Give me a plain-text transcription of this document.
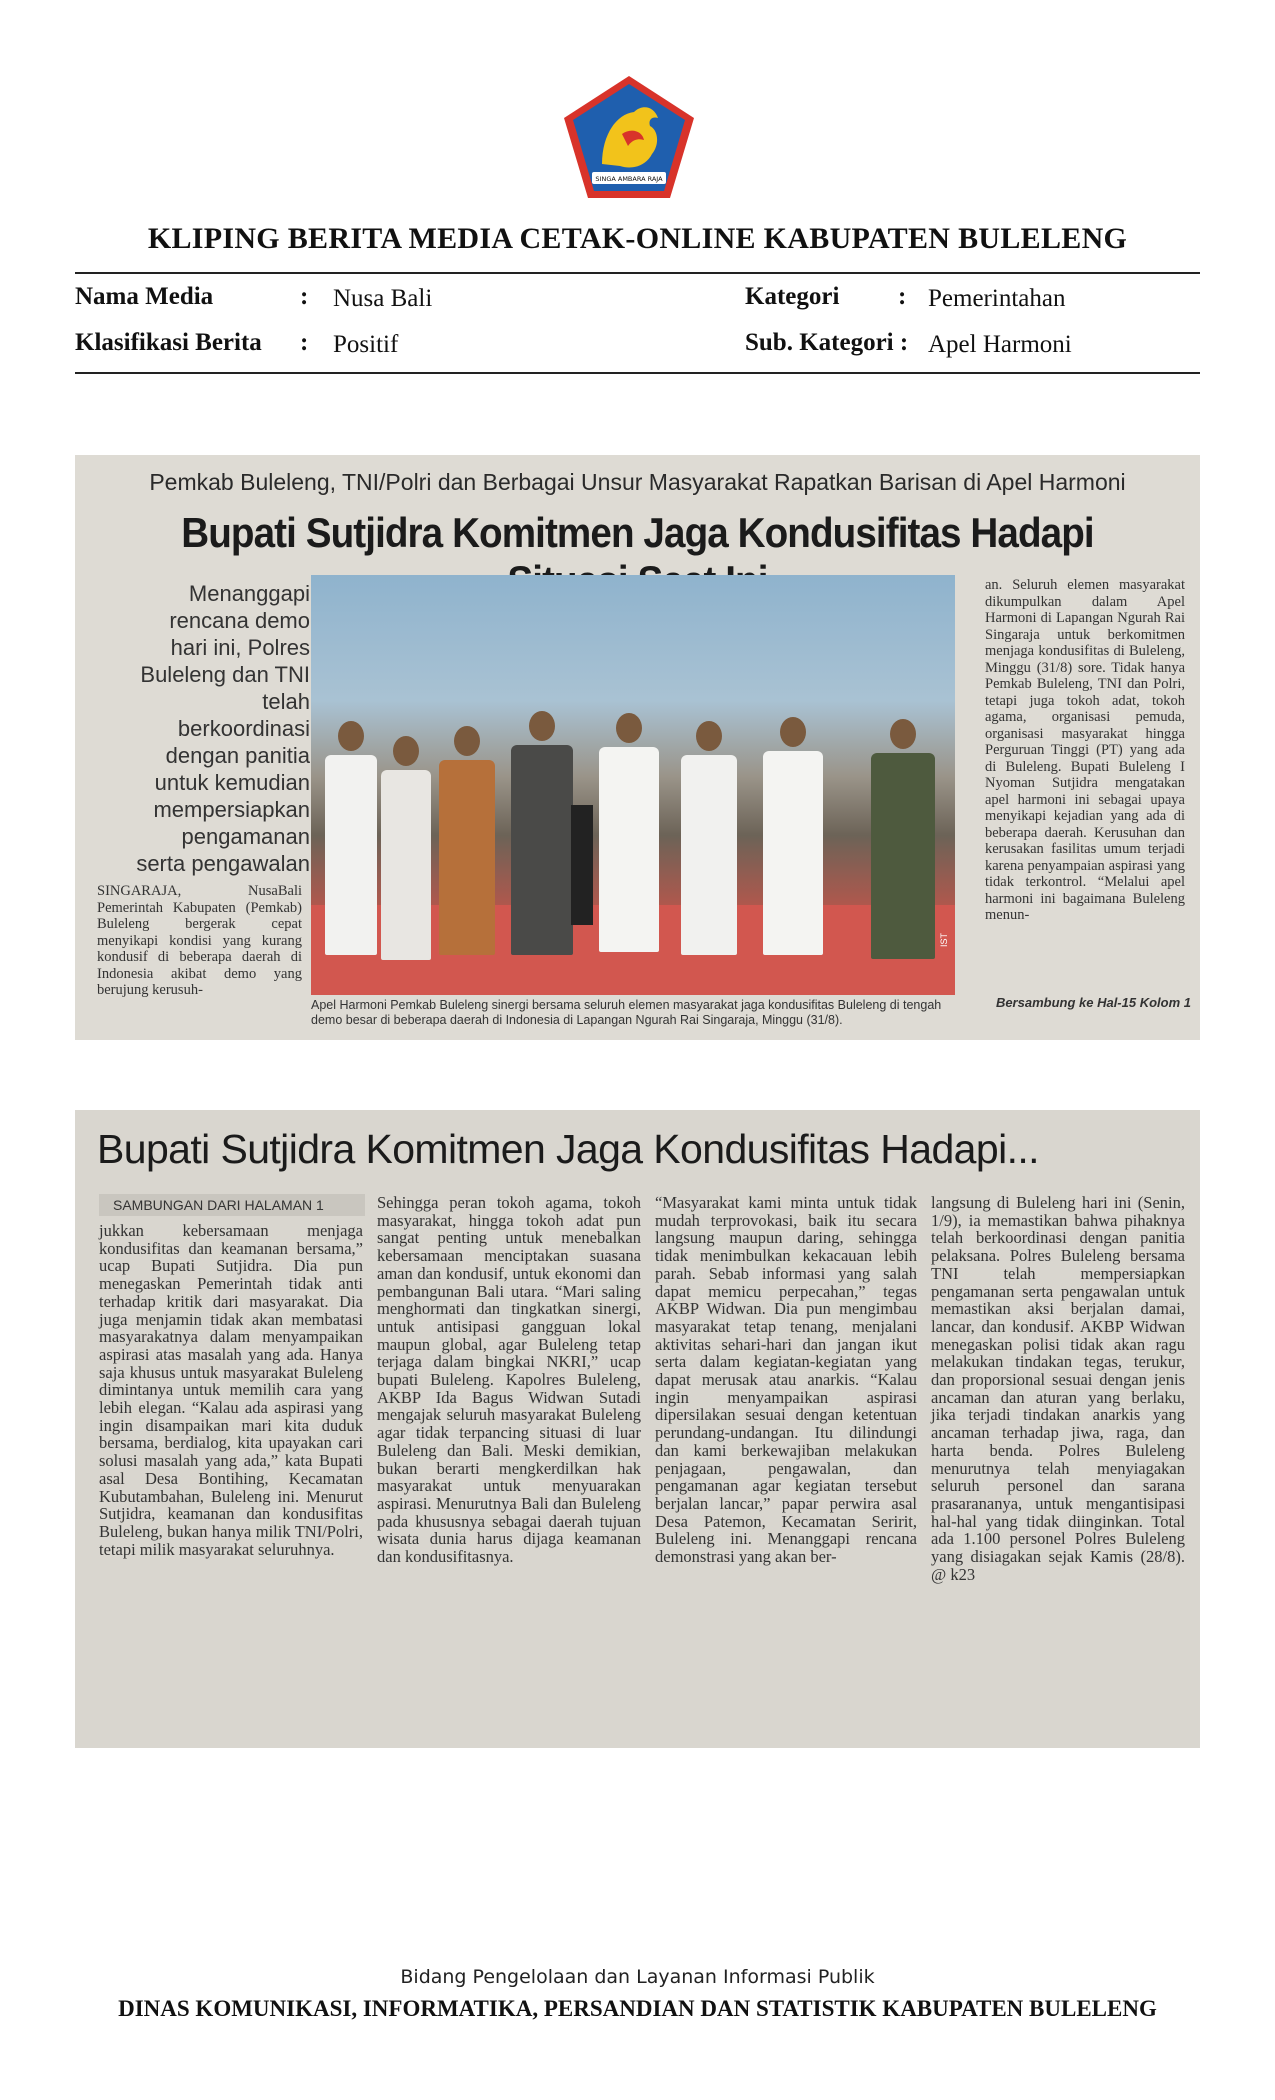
SINGA AMBARA RAJA
KLIPING BERITA MEDIA CETAK-ONLINE KABUPATEN BULELENG
Nama Media	: Nusa Bali	Kategori : Pemerintahan
Klasifikasi Berita : Positif	Sub. Kategori : Apel Harmoni
Pemkab Buleleng, TNI/Polri dan Berbagai Unsur Masyarakat Rapatkan Barisan di Apel Harmoni
Bupati Sutjidra Komitmen Jaga Kondusifitas Hadapi
Menanggapi rencana demo hari ini, Polres Buleleng dan TNI telah berkoordinasi dengan panitia untuk kemudian mempersiapkan pengamanan serta pengawalan
SINGARAJA, NusaBali Pemerintah Kabupaten (Pemkab) Buleleng bergerak cepat menyikapi kondisi yang kurang kondusif di beberapa daerah di Indonesia akibat demo yang berujung kerusuh-
IST
an. Seluruh elemen masyarakat dikumpulkan dalam Apel Harmoni di Lapangan Ngurah Rai Singaraja untuk berkomitmen menjaga kondusifitas di Buleleng, Minggu (31/8) sore. Tidak hanya Pemkab Buleleng, TNI dan Polri, tetapi juga tokoh adat, tokoh agama, organisasi pemuda, organisasi masyarakat hingga Perguruan Tinggi (PT) yang ada di Buleleng. Bupati Buleleng I Nyoman Sutjidra mengatakan apel harmoni ini sebagai upaya menyikapi kejadian yang ada di beberapa daerah. Kerusuhan dan kerusakan fasilitas umum terjadi karena penyampaian aspirasi yang tidak terkontrol. “Melalui apel harmoni ini bagaimana Buleleng menun-
Apel Harmoni Pemkab Buleleng sinergi bersama seluruh elemen masyarakat jaga kondusifitas Buleleng di tengah demo besar di beberapa daerah di Indonesia di Lapangan Ngurah Rai Singaraja, Minggu (31/8).
Bersambung ke Hal-15 Kolom 1
Bupati Sutjidra Komitmen Jaga Kondusifitas Hadapi...
SAMBUNGAN DARI HALAMAN 1
jukkan kebersamaan menjaga kondusifitas dan keamanan bersama,” ucap Bupati Sutjidra. Dia pun menegaskan Pemerintah tidak anti terhadap kritik dari masyarakat. Dia juga menjamin tidak akan membatasi masyarakatnya dalam menyampaikan aspirasi atas masalah yang ada. Hanya saja khusus untuk masyarakat Buleleng dimintanya untuk memilih cara yang lebih elegan. “Kalau ada aspirasi yang ingin disampaikan mari kita duduk bersama, berdialog, kita upayakan cari solusi masalah yang ada,” kata Bupati asal Desa Bontihing, Kecamatan Kubutambahan, Buleleng ini. Menurut Sutjidra, keamanan dan kondusifitas Buleleng, bukan hanya milik TNI/Polri, tetapi milik masyarakat seluruhnya.
Sehingga peran tokoh agama, tokoh masyarakat, hingga tokoh adat pun sangat penting untuk menebalkan kebersamaan menciptakan suasana aman dan kondusif, untuk ekonomi dan pembangunan Bali utara. “Mari saling menghormati dan tingkatkan sinergi, untuk antisipasi gangguan lokal maupun global, agar Buleleng tetap terjaga dalam bingkai NKRI,” ucap bupati Buleleng. Kapolres Buleleng, AKBP Ida Bagus Widwan Sutadi mengajak seluruh masyarakat Buleleng agar tidak terpancing situasi di luar Buleleng dan Bali. Meski demikian, bukan berarti mengkerdilkan hak masyarakat untuk menyuarakan aspirasi. Menurutnya Bali dan Buleleng pada khususnya sebagai daerah tujuan wisata dunia harus dijaga keamanan dan kondusifitasnya.
“Masyarakat kami minta untuk tidak mudah terprovokasi, baik itu secara langsung maupun daring, sehingga tidak menimbulkan kekacauan lebih parah. Sebab informasi yang salah dapat memicu perpecahan,” tegas AKBP Widwan. Dia pun mengimbau masyarakat tetap tenang, menjalani aktivitas sehari-hari dan jangan ikut serta dalam kegiatan-kegiatan yang dapat merusak atau anarkis. “Kalau ingin menyampaikan aspirasi dipersilakan sesuai dengan ketentuan perundang-undangan. Itu dilindungi dan kami berkewajiban melakukan penjagaan, pengawalan, dan pengamanan agar kegiatan tersebut berjalan lancar,” papar perwira asal Desa Patemon, Kecamatan Seririt, Buleleng ini. Menanggapi rencana demonstrasi yang akan ber-
langsung di Buleleng hari ini (Senin, 1/9), ia memastikan bahwa pihaknya telah berkoordinasi dengan panitia pelaksana. Polres Buleleng bersama TNI telah mempersiapkan pengamanan serta pengawalan untuk memastikan aksi berjalan damai, lancar, dan kondusif. AKBP Widwan menegaskan polisi tidak akan ragu melakukan tindakan tegas, terukur, dan proporsional sesuai dengan jenis ancaman dan aturan yang berlaku, jika terjadi tindakan anarkis yang ancaman terhadap jiwa, raga, dan harta benda. Polres Buleleng menurutnya telah menyiagakan seluruh personel dan sarana prasarananya, untuk mengantisipasi hal-hal yang tidak diinginkan. Total ada 1.100 personel Polres Buleleng yang disiagakan sejak Kamis (28/8). @ k23
Bidang Pengelolaan dan Layanan Informasi Publik
DINAS KOMUNIKASI, INFORMATIKA, PERSANDIAN DAN STATISTIK KABUPATEN BULELENG
